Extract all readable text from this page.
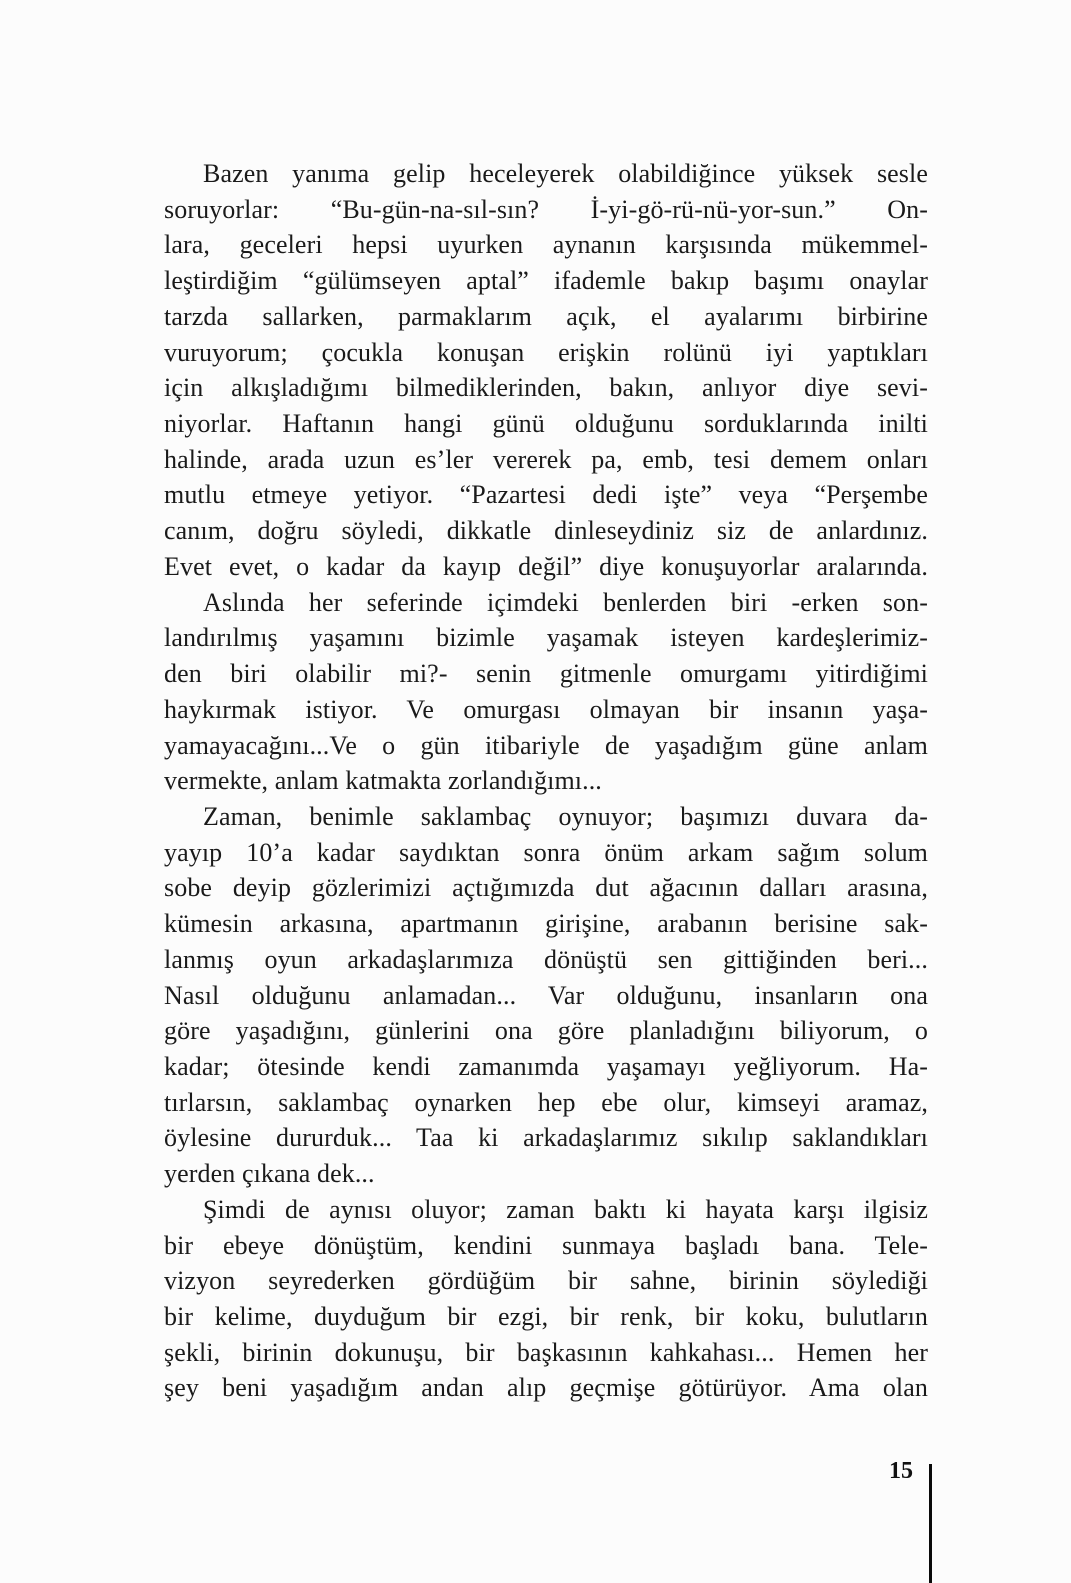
Bazen yanıma gelip heceleyerek olabildiğince yüksek sesle
soruyorlar: “Bu-gün-na-sıl-sın? İ-yi-gö-rü-nü-yor-sun.” On-
lara, geceleri hepsi uyurken aynanın karşısında mükemmel-
leştirdiğim “gülümseyen aptal” ifademle bakıp başımı onaylar
tarzda sallarken, parmaklarım açık, el ayalarımı birbirine
vuruyorum; çocukla konuşan erişkin rolünü iyi yaptıkları
için alkışladığımı bilmediklerinden, bakın, anlıyor diye sevi-
niyorlar. Haftanın hangi günü olduğunu sorduklarında inilti
halinde, arada uzun es’ler vererek pa, emb, tesi demem onları
mutlu etmeye yetiyor. “Pazartesi dedi işte” veya “Perşembe
canım, doğru söyledi, dikkatle dinleseydiniz siz de anlardınız.
Evet evet, o kadar da kayıp değil” diye konuşuyorlar aralarında.
Aslında her seferinde içimdeki benlerden biri -erken son-
landırılmış yaşamını bizimle yaşamak isteyen kardeşlerimiz-
den biri olabilir mi?- senin gitmenle omurgamı yitirdiğimi
haykırmak istiyor. Ve omurgası olmayan bir insanın yaşa-
yamayacağını...Ve o gün itibariyle de yaşadığım güne anlam
vermekte, anlam katmakta zorlandığımı...
Zaman, benimle saklambaç oynuyor; başımızı duvara da-
yayıp 10’a kadar saydıktan sonra önüm arkam sağım solum
sobe deyip gözlerimizi açtığımızda dut ağacının dalları arasına,
kümesin arkasına, apartmanın girişine, arabanın berisine sak-
lanmış oyun arkadaşlarımıza dönüştü sen gittiğinden beri...
Nasıl olduğunu anlamadan... Var olduğunu, insanların ona
göre yaşadığını, günlerini ona göre planladığını biliyorum, o
kadar; ötesinde kendi zamanımda yaşamayı yeğliyorum. Ha-
tırlarsın, saklambaç oynarken hep ebe olur, kimseyi aramaz,
öylesine dururduk... Taa ki arkadaşlarımız sıkılıp saklandıkları
yerden çıkana dek...
Şimdi de aynısı oluyor; zaman baktı ki hayata karşı ilgisiz
bir ebeye dönüştüm, kendini sunmaya başladı bana. Tele-
vizyon seyrederken gördüğüm bir sahne, birinin söylediği
bir kelime, duyduğum bir ezgi, bir renk, bir koku, bulutların
şekli, birinin dokunuşu, bir başkasının kahkahası... Hemen her
şey beni yaşadığım andan alıp geçmişe götürüyor. Ama olan
15
